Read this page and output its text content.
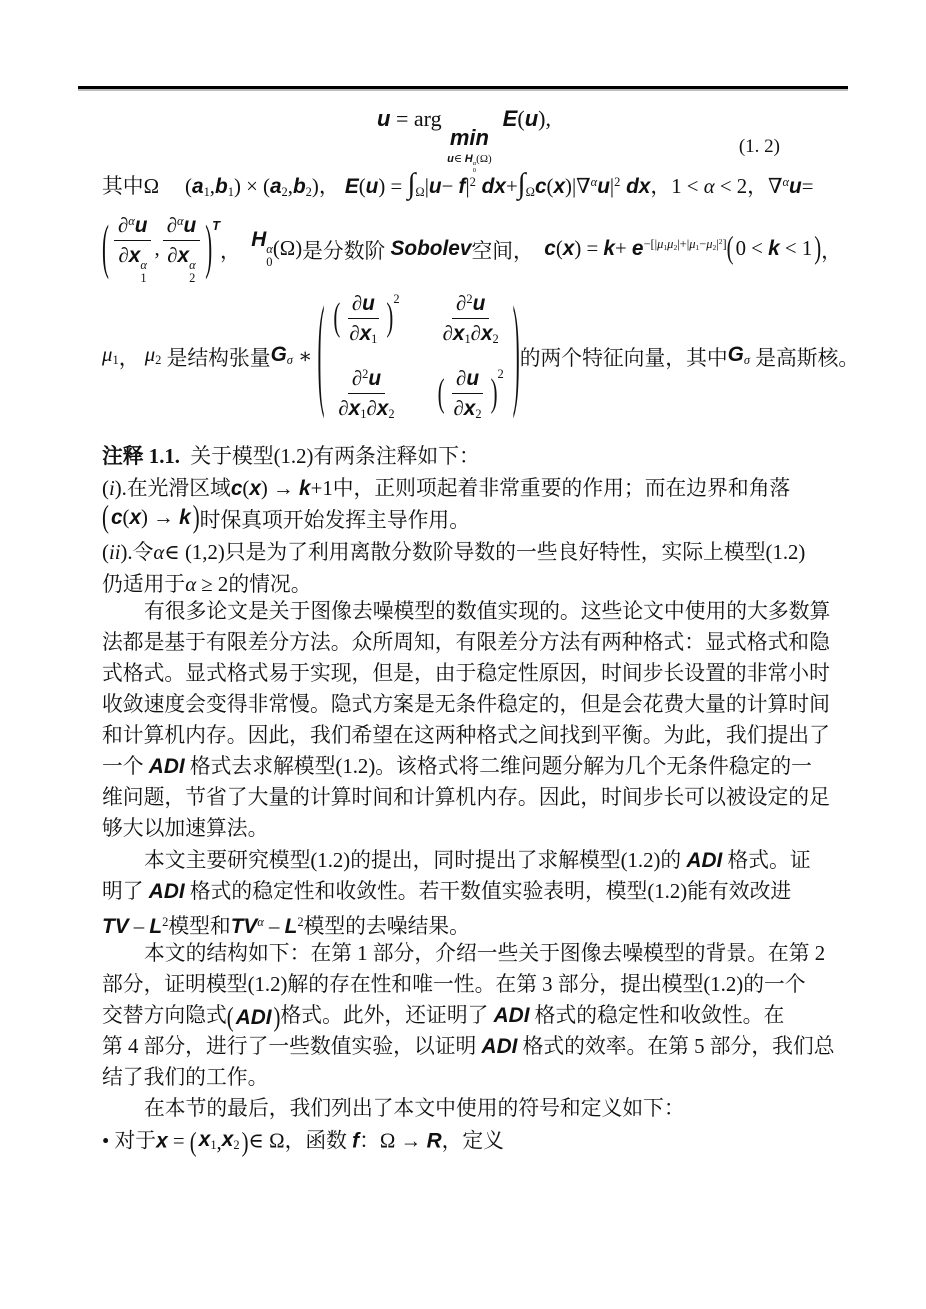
u = arg
min
u∈ H α
0
(Ω)
E(u),
(1. 2)
其中Ω     $(a_1,b_1) \times (a_2,b_2)$， $E(u) = \int_\Omega|u- f|^2$ $dx+\int_\Omega c(x)|\nabla^\alpha u|^2$ dx，1 < α < 2，∇$^\alpha$u=
( ∂$^\alpha$u
∂x α
1 , ∂$^\alpha$u
∂x α
2 ) T
，
H α
0
(Ω) 是分数阶 Sobolev 空间， c ( x ) = $k + e^{-[|\mu_1\mu_2|+|\mu_1-\mu_2|^2]}$ ( 0 < k < 1 ) ，
$\mu_1$ ， $\mu_2$ 是结构张量 $G_\sigma$ ∗ ( ( $\frac{\partial u}{\partial x_1}$ ) $^2 \frac{\partial^2u}{\partial x_1\partial x_2}$
$\frac{\partial^2u}{\partial x_1\partial x_2}$ ( $\frac{\partial u}{\partial x_2}$ ) $^2$ ) 的两个特征向量，其中 $G_\sigma$ 是高斯核。
注释 1.1.  关于模型(1.2)有两条注释如下：
(i).在光滑区域c(x) → k+1中，正则项起着非常重要的作用；而在边界和角落
( c ( x ) → k ) 时保真项开始发挥主导作用。
(ii).令α∈ (1,2)只是为了利用离散分数阶导数的一些良好特性，实际上模型(1.2)
仍适用于α ≥ 2的情况。
有很多论文是关于图像去噪模型的数值实现的。这些论文中使用的大多数算
法都是基于有限差分方法。众所周知，有限差分方法有两种格式：显式格式和隐
式格式。显式格式易于实现，但是，由于稳定性原因，时间步长设置的非常小时
收敛速度会变得非常慢。隐式方案是无条件稳定的，但是会花费大量的计算时间
和计算机内存。因此，我们希望在这两种格式之间找到平衡。为此，我们提出了
一个 ADI 格式去求解模型(1.2)。该格式将二维问题分解为几个无条件稳定的一
维问题，节省了大量的计算时间和计算机内存。因此，时间步长可以被设定的足
够大以加速算法。
本文主要研究模型(1.2)的提出，同时提出了求解模型(1.2)的 ADI 格式。证
明了 ADI 格式的稳定性和收敛性。若干数值实验表明，模型(1.2)能有效改进
TV – $L^2$模型和$TV^\alpha - L^2$模型的去噪结果。
本文的结构如下：在第 1 部分，介绍一些关于图像去噪模型的背景。在第 2
部分，证明模型(1.2)解的存在性和唯一性。在第 3 部分，提出模型(1.2)的一个
交替方向隐式 ( ADI ) 格式。此外，还证明了 ADI 格式的稳定性和收敛性。在
第 4 部分，进行了一些数值实验，以证明 ADI 格式的效率。在第 5 部分，我们总
结了我们的工作。
在本节的最后，我们列出了本文中使用的符号和定义如下：
• 对于x = ( $x_1$ , $x_2$ ) ∈ Ω，函数 f：Ω → R，定义
